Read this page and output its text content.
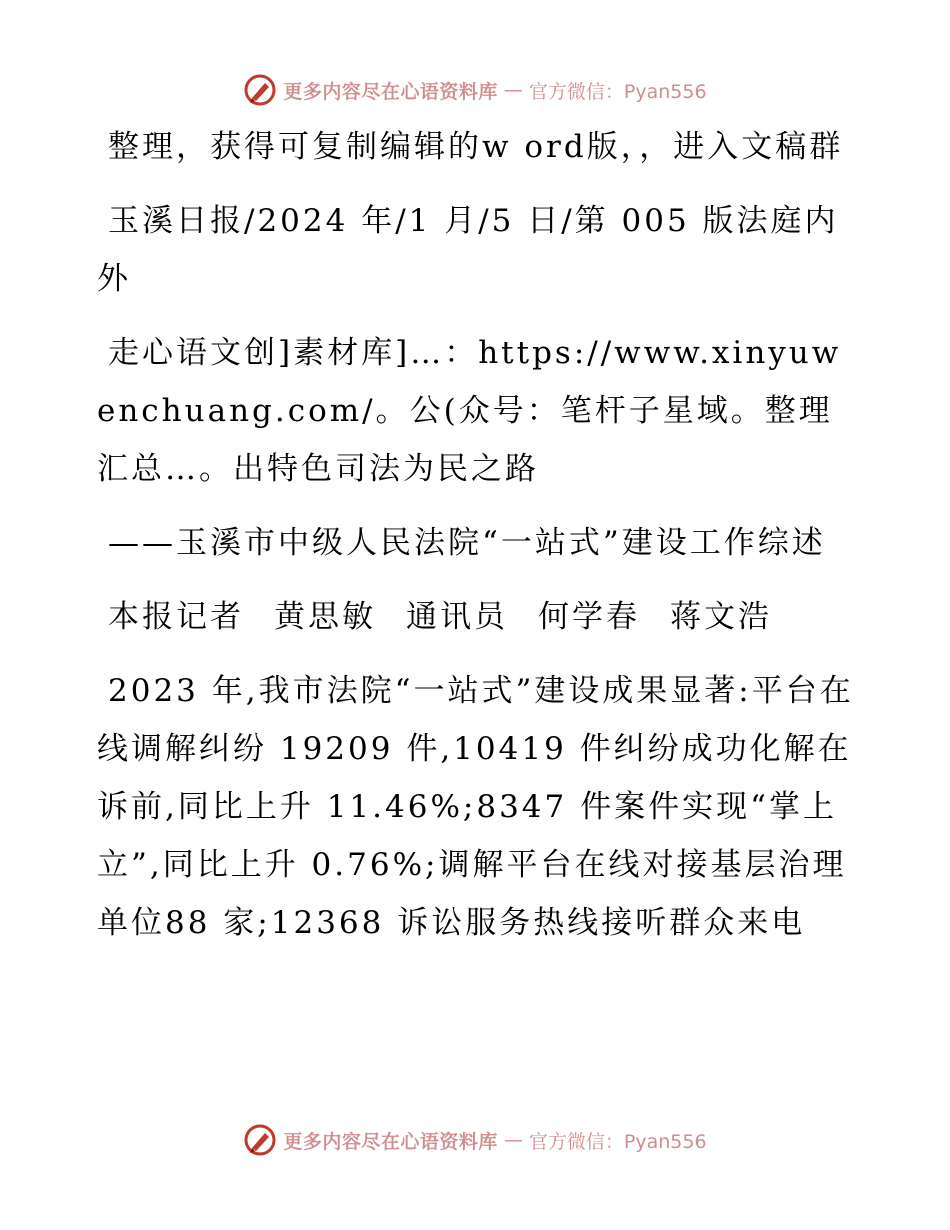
更多内容尽在心语资料库 — 官方微信：Pyan556

整理，获得可复制编辑的w ord版，，进入文稿群

玉溪日报/2024 年/1 月/5 日/第 005 版法庭内外

走心语文创]素材库]…：https://www.xinyuwenchuang.com/。公(众号：笔杆子星域。整理汇总…。出特色司法为民之路

——玉溪市中级人民法院“一站式”建设工作综述

本报记者 黄思敏 通讯员 何学春 蒋文浩

2023 年,我市法院“一站式”建设成果显著:平台在线调解纠纷 19209 件,10419 件纠纷成功化解在诉前,同比上升 11.46%;8347 件案件实现“掌上立”,同比上升 0.76%;调解平台在线对接基层治理单位88 家;12368 诉讼服务热线接听群众来电

更多内容尽在心语资料库 — 官方微信：Pyan556
